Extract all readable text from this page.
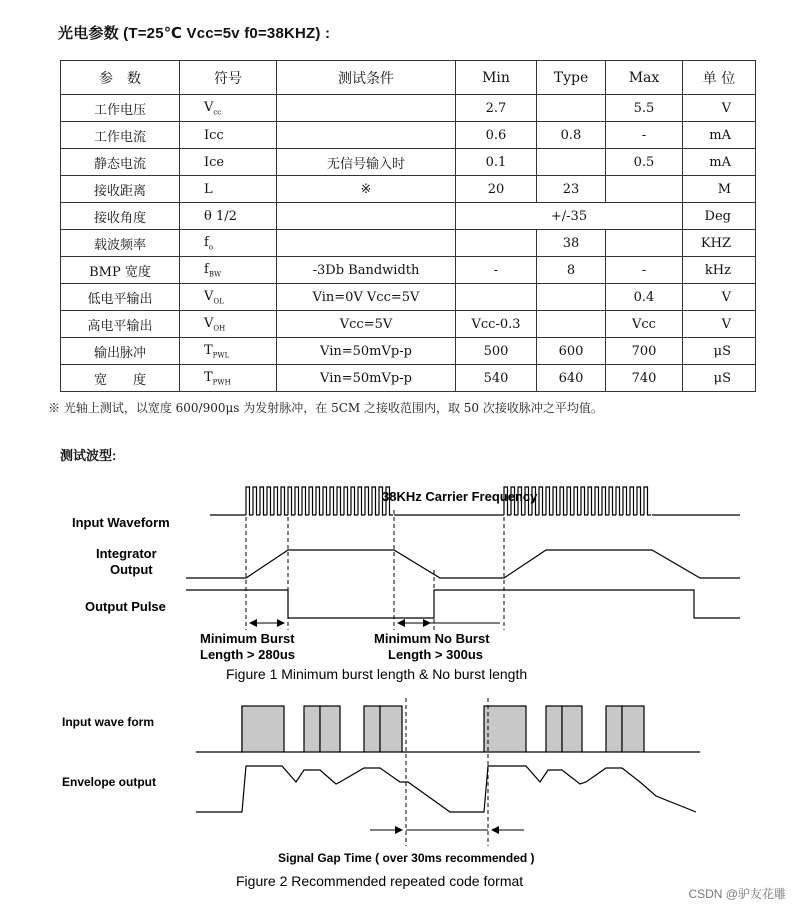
光电参数 (T=25℃ Vcc=5v f0=38KHZ) :
参　数	符号	测试条件	Min	Type	Max	单 位
工作电压	$V_{cc}$		2.7		5.5	V
工作电流	Icc		0.6	0.8	-	mA
静态电流	Ice	无信号输入时	0.1		0.5	mA
接收距离	L	※	20	23		M
接收角度	θ 1/2		+/-35			Deg
载波频率	$f_o$			38		KHZ
BMP 宽度	$f_{BW}$	-3Db Bandwidth	-	8	-	kHz
低电平输出	$V_{OL}$	Vin=0V Vcc=5V			0.4	V
高电平输出	$V_{OH}$	Vcc=5V	Vcc-0.3		Vcc	V
输出脉冲	$T_{PWL}$	Vin=50mVp-p	500	600	700	μS
宽　　度	$T_{PWH}$	Vin=50mVp-p	540	640	740	μS
※ 光轴上测试，以宽度 600/900μs 为发射脉冲，在 5CM 之接收范围内，取 50 次接收脉冲之平均值。
测试波型:
38KHz Carrier Frequency
Input Waveform
Integrator
Output
Output Pulse
Minimum Burst
Length > 280us
Minimum No Burst
Length > 300us
Figure 1 Minimum burst length & No burst length
Input wave form
Envelope output
Signal Gap Time ( over 30ms recommended )
Figure 2 Recommended repeated code format
CSDN @驴友花雕
